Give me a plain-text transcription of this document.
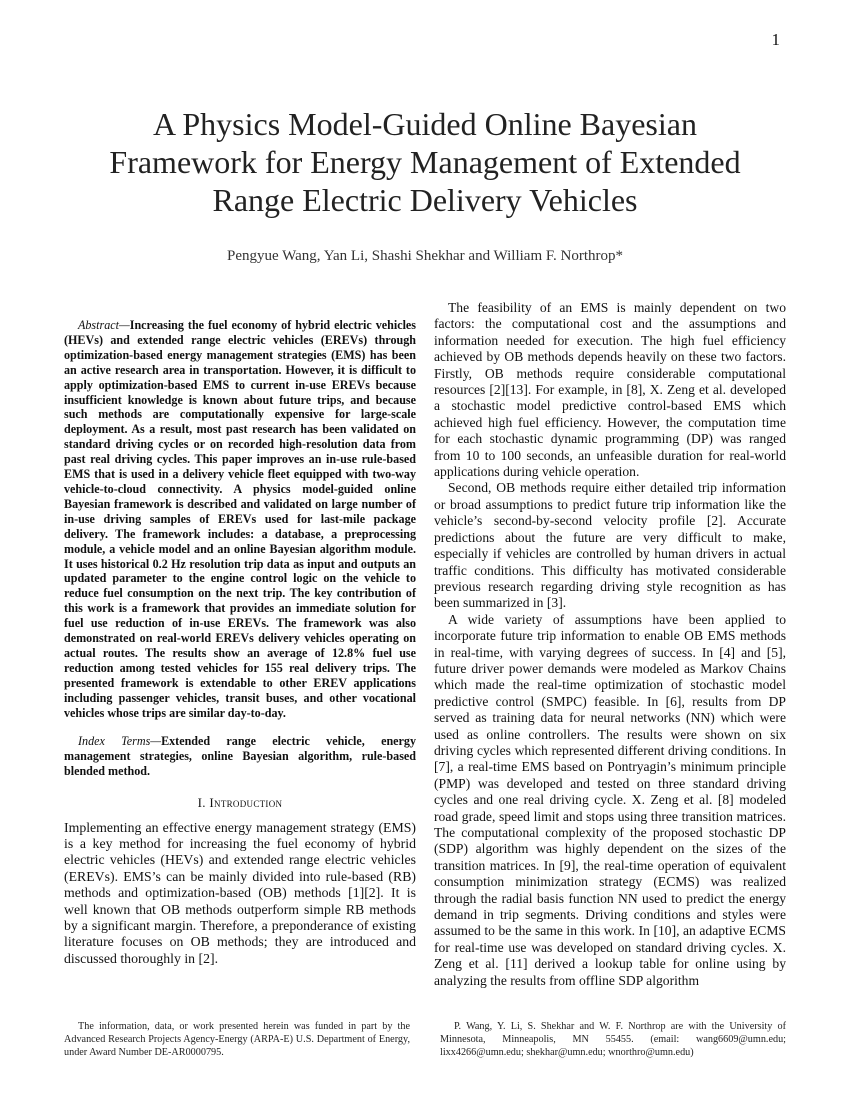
1
A Physics Model-Guided Online Bayesian Framework for Energy Management of Extended Range Electric Delivery Vehicles
Pengyue Wang, Yan Li, Shashi Shekhar and William F. Northrop*

Abstract—Increasing the fuel economy of hybrid electric vehicles (HEVs) and extended range electric vehicles (EREVs) through optimization-based energy management strategies (EMS) has been an active research area in transportation. However, it is difficult to apply optimization-based EMS to current in-use EREVs because insufficient knowledge is known about future trips, and because such methods are computationally expensive for large-scale deployment. As a result, most past research has been validated on standard driving cycles or on recorded high-resolution data from past real driving cycles. This paper improves an in-use rule-based EMS that is used in a delivery vehicle fleet equipped with two-way vehicle-to-cloud connectivity. A physics model-guided online Bayesian framework is described and validated on large number of in-use driving samples of EREVs used for last-mile package delivery. The framework includes: a database, a preprocessing module, a vehicle model and an online Bayesian algorithm module. It uses historical 0.2 Hz resolution trip data as input and outputs an updated parameter to the engine control logic on the vehicle to reduce fuel consumption on the next trip. The key contribution of this work is a framework that provides an immediate solution for fuel use reduction of in-use EREVs. The framework was also demonstrated on real-world EREVs delivery vehicles operating on actual routes. The results show an average of 12.8% fuel use reduction among tested vehicles for 155 real delivery trips. The presented framework is extendable to other EREV applications including passenger vehicles, transit buses, and other vocational vehicles whose trips are similar day-to-day.

Index Terms—Extended range electric vehicle, energy management strategies, online Bayesian algorithm, rule-based blended method.

I. Introduction

Implementing an effective energy management strategy (EMS) is a key method for increasing the fuel economy of hybrid electric vehicles (HEVs) and extended range electric vehicles (EREVs). EMS’s can be mainly divided into rule-based (RB) methods and optimization-based (OB) methods [1][2]. It is well known that OB methods outperform simple RB methods by a significant margin. Therefore, a preponderance of existing literature focuses on OB methods; they are introduced and discussed thoroughly in [2].

The feasibility of an EMS is mainly dependent on two factors: the computational cost and the assumptions and information needed for execution. The high fuel efficiency achieved by OB methods depends heavily on these two factors. Firstly, OB methods require considerable computational resources [2][13]. For example, in [8], X. Zeng et al. developed a stochastic model predictive control-based EMS which achieved high fuel efficiency. However, the computation time for each stochastic dynamic programming (DP) was ranged from 10 to 100 seconds, an unfeasible duration for real-world applications during vehicle operation.

Second, OB methods require either detailed trip information or broad assumptions to predict future trip information like the vehicle’s second-by-second velocity profile [2]. Accurate predictions about the future are very difficult to make, especially if vehicles are controlled by human drivers in actual traffic conditions. This difficulty has motivated considerable previous research regarding driving style recognition as has been summarized in [3].

A wide variety of assumptions have been applied to incorporate future trip information to enable OB EMS methods in real-time, with varying degrees of success. In [4] and [5], future driver power demands were modeled as Markov Chains which made the real-time optimization of stochastic model predictive control (SMPC) feasible. In [6], results from DP served as training data for neural networks (NN) which were used as online controllers. The results were shown on six driving cycles which represented different driving conditions. In [7], a real-time EMS based on Pontryagin’s minimum principle (PMP) was developed and tested on three standard driving cycles and one real driving cycle. X. Zeng et al. [8] modeled road grade, speed limit and stops using three transition matrices. The computational complexity of the proposed stochastic DP (SDP) algorithm was highly dependent on the sizes of the transition matrices. In [9], the real-time operation of equivalent consumption minimization strategy (ECMS) was realized through the radial basis function NN used to predict the energy demand in trip segments. Driving conditions and styles were assumed to be the same in this work. In [10], an adaptive ECMS for real-time use was developed on standard driving cycles. X. Zeng et al. [11] derived a lookup table for online using by analyzing the results from offline SDP algorithm

The information, data, or work presented herein was funded in part by the Advanced Research Projects Agency-Energy (ARPA-E) U.S. Department of Energy, under Award Number DE-AR0000795.
P. Wang, Y. Li, S. Shekhar and W. F. Northrop are with the University of Minnesota, Minneapolis, MN 55455. (email: wang6609@umn.edu; lixx4266@umn.edu; shekhar@umn.edu; wnorthro@umn.edu)
